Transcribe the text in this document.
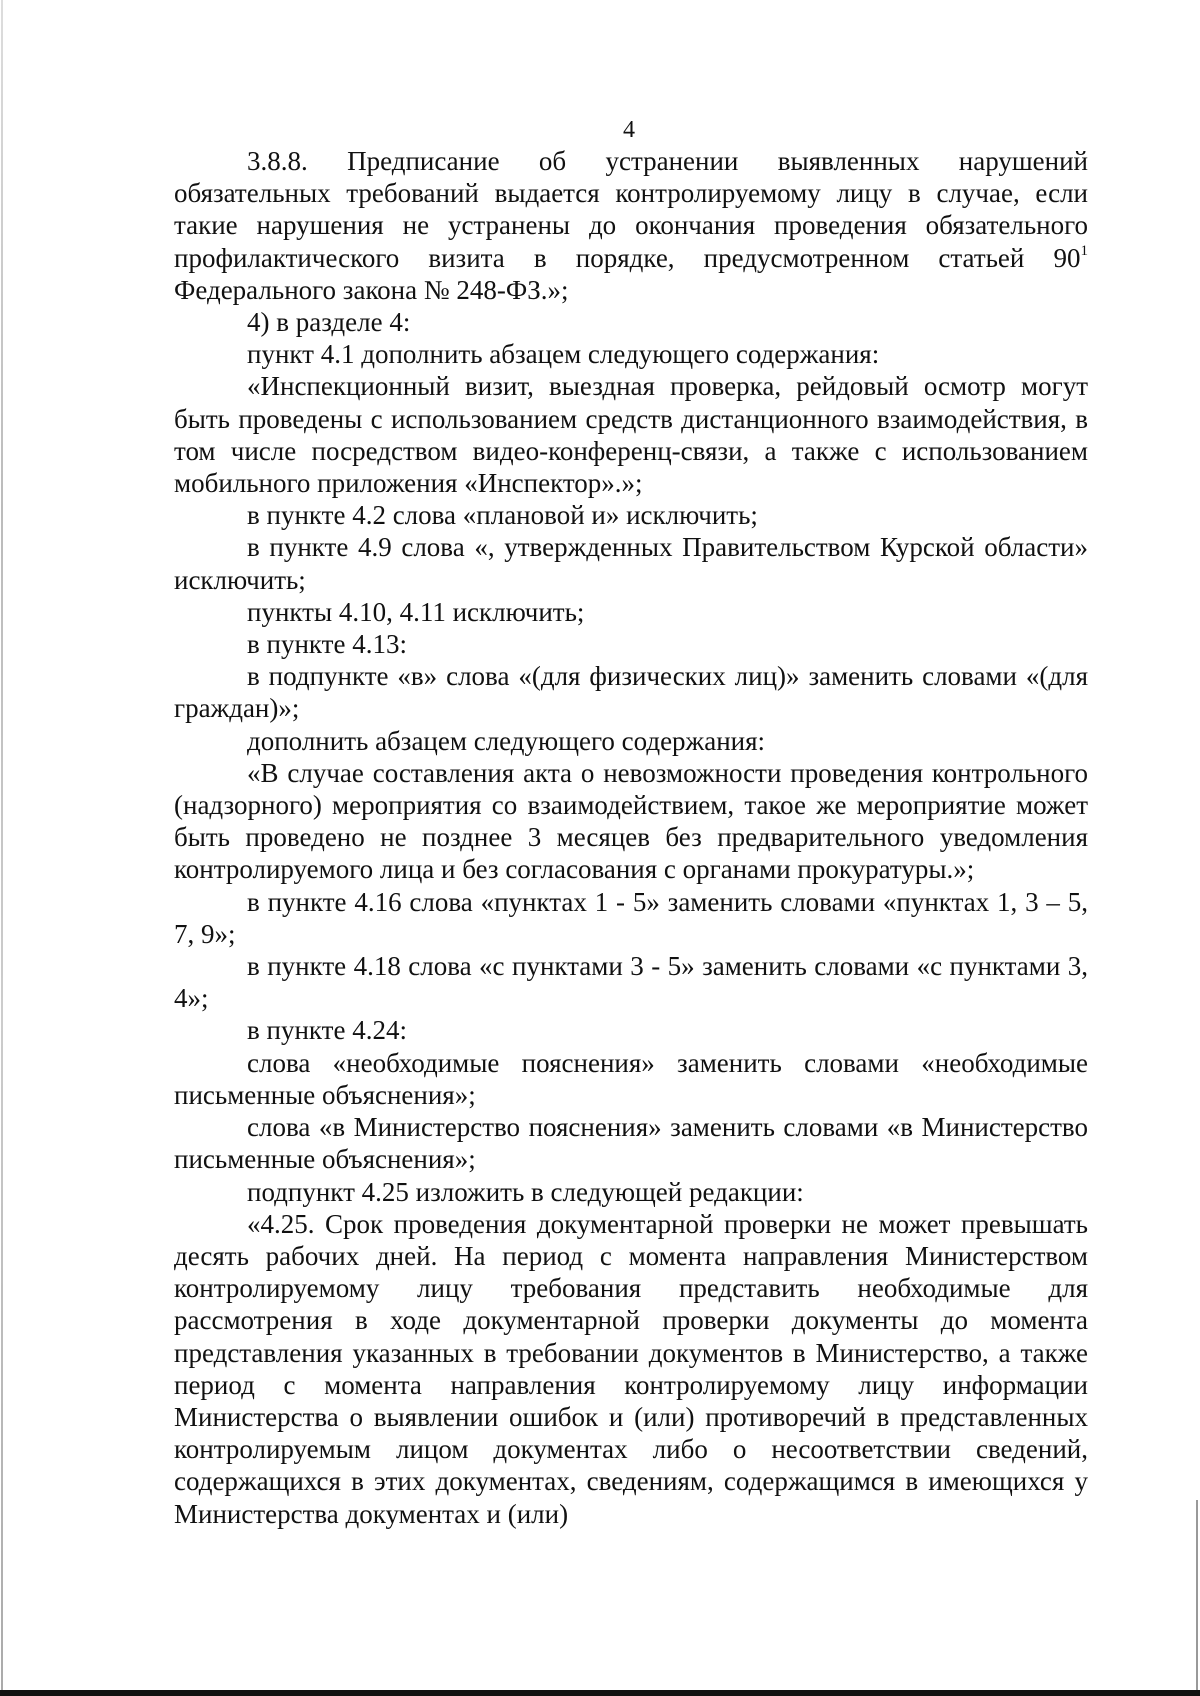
4

3.8.8. Предписание об устранении выявленных нарушений обязательных требований выдается контролируемому лицу в случае, если такие нарушения не устранены до окончания проведения обязательного профилактического визита в порядке, предусмотренном статьей $90^1$ Федерального закона № 248-ФЗ.»;

4) в разделе 4:

пункт 4.1 дополнить абзацем следующего содержания:

«Инспекционный визит, выездная проверка, рейдовый осмотр могут быть проведены с использованием средств дистанционного взаимодействия, в том числе посредством видео-конференц-связи, а также с использованием мобильного приложения «Инспектор».»;

в пункте 4.2 слова «плановой и» исключить;

в пункте 4.9 слова «, утвержденных Правительством Курской области» исключить;

пункты 4.10, 4.11 исключить;

в пункте 4.13:

в подпункте «в» слова «(для физических лиц)» заменить словами «(для граждан)»;

дополнить абзацем следующего содержания:

«В случае составления акта о невозможности проведения контрольного (надзорного) мероприятия со взаимодействием, такое же мероприятие может быть проведено не позднее 3 месяцев без предварительного уведомления контролируемого лица и без согласования с органами прокуратуры.»;

в пункте 4.16 слова «пунктах 1 - 5» заменить словами «пунктах 1, 3 – 5, 7, 9»;

в пункте 4.18 слова «с пунктами 3 - 5» заменить словами «с пунктами 3, 4»;

в пункте 4.24:

слова «необходимые пояснения» заменить словами «необходимые письменные объяснения»;

слова «в Министерство пояснения» заменить словами «в Министерство письменные объяснения»;

подпункт 4.25 изложить в следующей редакции:

«4.25. Срок проведения документарной проверки не может превышать десять рабочих дней. На период с момента направления Министерством контролируемому лицу требования представить необходимые для рассмотрения в ходе документарной проверки документы до момента представления указанных в требовании документов в Министерство, а также период с момента направления контролируемому лицу информации Министерства о выявлении ошибок и (или) противоречий в представленных контролируемым лицом документах либо о несоответствии сведений, содержащихся в этих документах, сведениям, содержащимся в имеющихся у Министерства документах и (или)
